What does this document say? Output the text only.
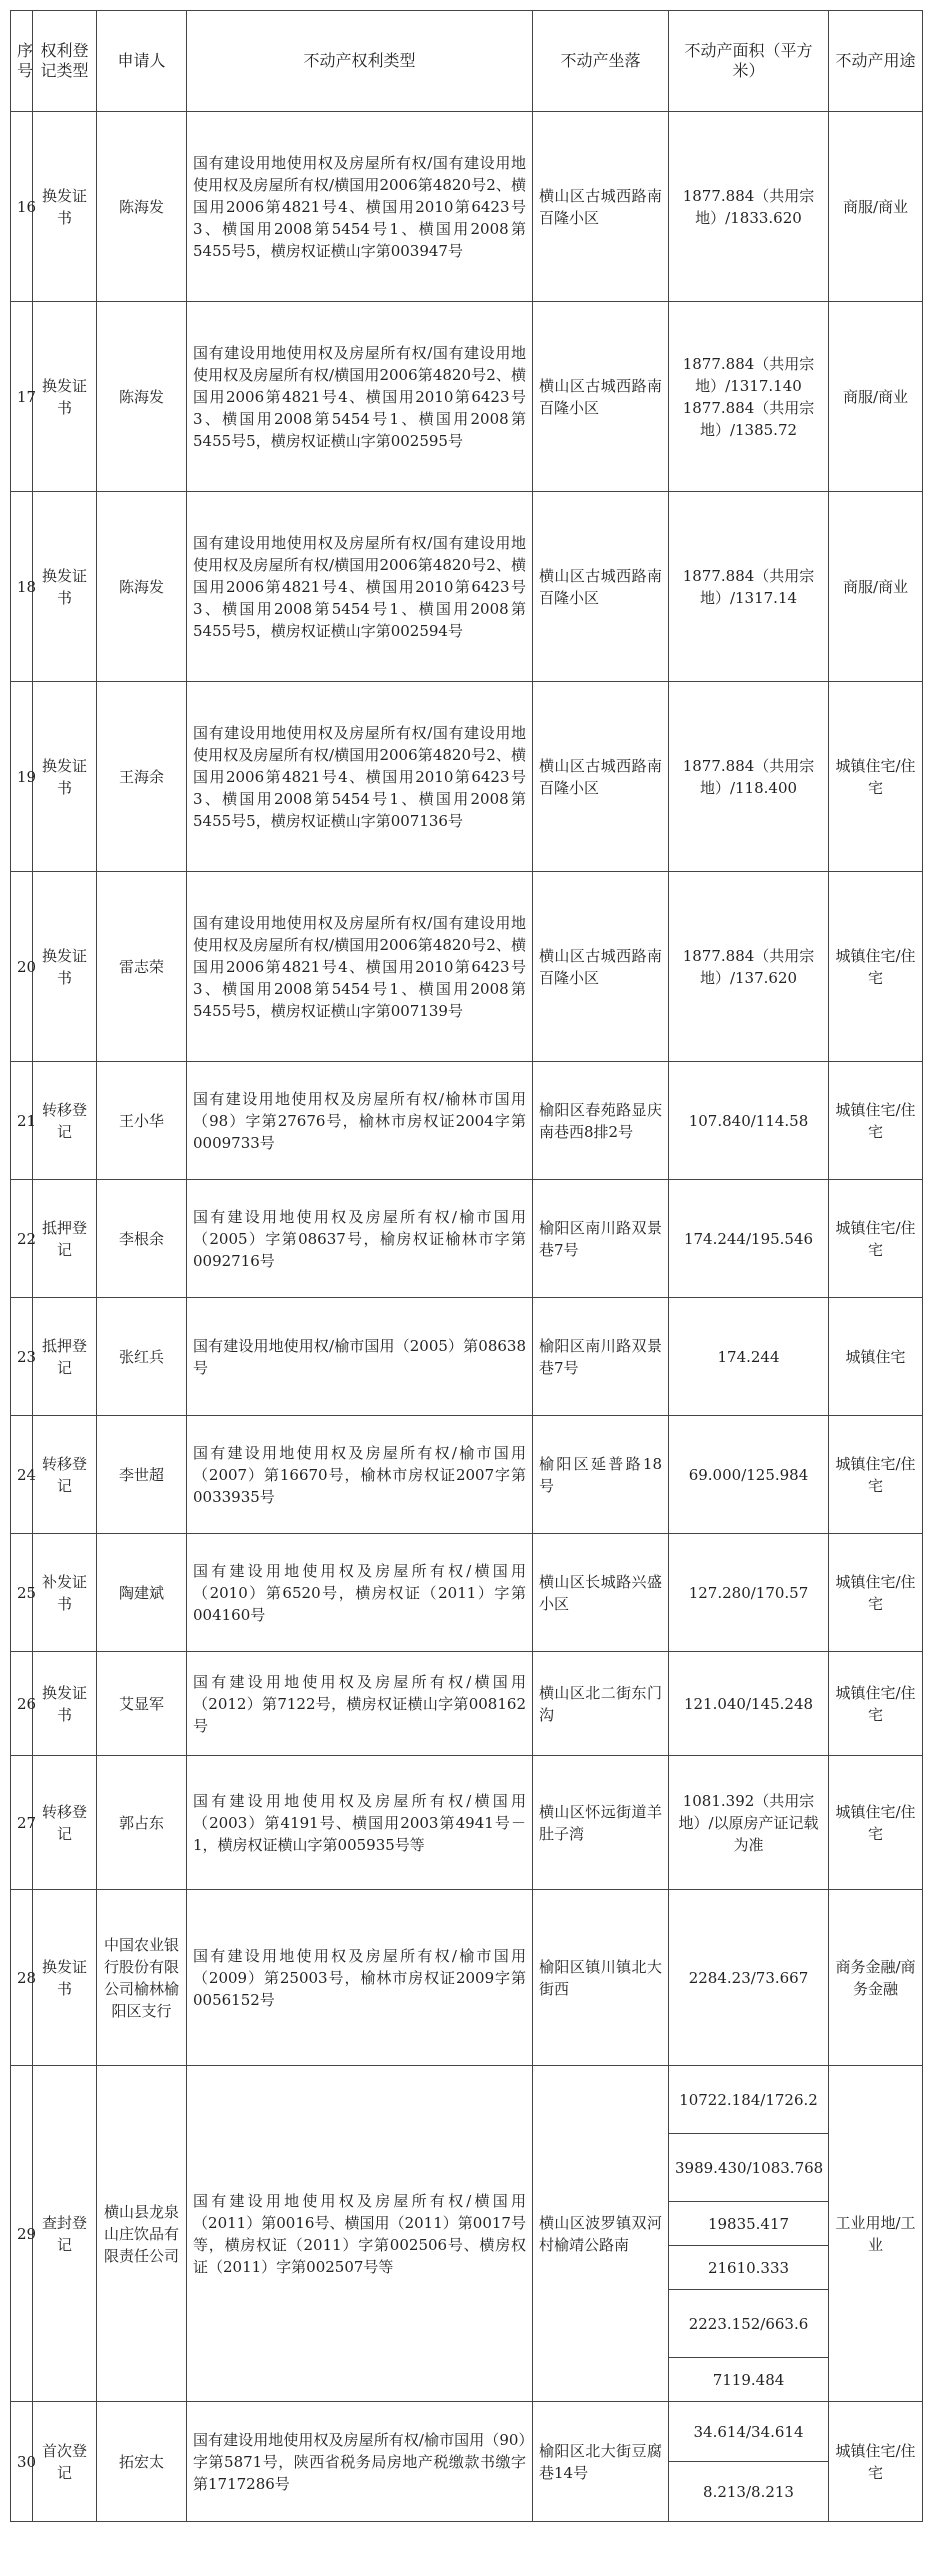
序号	权利登记类型	申请人	不动产权利类型	不动产坐落	不动产面积（平方米）	不动产用途
16	换发证书	陈海发	国有建设用地使用权及房屋所有权/国有建设用地使用权及房屋所有权/横国用2006第4820号2、横国用2006第4821号4、横国用2010第6423号3、横国用2008第5454号1、横国用2008第5455号5，横房权证横山字第003947号	横山区古城西路南百隆小区	1877.884（共用宗地）/1833.620	商服/商业
17	换发证书	陈海发	国有建设用地使用权及房屋所有权/国有建设用地使用权及房屋所有权/横国用2006第4820号2、横国用2006第4821号4、横国用2010第6423号3、横国用2008第5454号1、横国用2008第5455号5，横房权证横山字第002595号	横山区古城西路南百隆小区	1877.884（共用宗地）/1317.140 1877.884（共用宗地）/1385.72	商服/商业
18	换发证书	陈海发	国有建设用地使用权及房屋所有权/国有建设用地使用权及房屋所有权/横国用2006第4820号2、横国用2006第4821号4、横国用2010第6423号3、横国用2008第5454号1、横国用2008第5455号5，横房权证横山字第002594号	横山区古城西路南百隆小区	1877.884（共用宗地）/1317.14	商服/商业
19	换发证书	王海余	国有建设用地使用权及房屋所有权/国有建设用地使用权及房屋所有权/横国用2006第4820号2、横国用2006第4821号4、横国用2010第6423号3、横国用2008第5454号1、横国用2008第5455号5，横房权证横山字第007136号	横山区古城西路南百隆小区	1877.884（共用宗地）/118.400	城镇住宅/住宅
20	换发证书	雷志荣	国有建设用地使用权及房屋所有权/国有建设用地使用权及房屋所有权/横国用2006第4820号2、横国用2006第4821号4、横国用2010第6423号3、横国用2008第5454号1、横国用2008第5455号5，横房权证横山字第007139号	横山区古城西路南百隆小区	1877.884（共用宗地）/137.620	城镇住宅/住宅
21	转移登记	王小华	国有建设用地使用权及房屋所有权/榆林市国用（98）字第27676号，榆林市房权证2004字第0009733号	榆阳区春苑路显庆南巷西8排2号	107.840/114.58	城镇住宅/住宅
22	抵押登记	李根余	国有建设用地使用权及房屋所有权/榆市国用（2005）字第08637号，榆房权证榆林市字第0092716号	榆阳区南川路双景巷7号	174.244/195.546	城镇住宅/住宅
23	抵押登记	张红兵	国有建设用地使用权/榆市国用（2005）第08638号	榆阳区南川路双景巷7号	174.244	城镇住宅
24	转移登记	李世超	国有建设用地使用权及房屋所有权/榆市国用（2007）第16670号，榆林市房权证2007字第0033935号	榆阳区延普路18号	69.000/125.984	城镇住宅/住宅
25	补发证书	陶建斌	国有建设用地使用权及房屋所有权/横国用（2010）第6520号，横房权证（2011）字第004160号	横山区长城路兴盛小区	127.280/170.57	城镇住宅/住宅
26	换发证书	艾显军	国有建设用地使用权及房屋所有权/横国用（2012）第7122号，横房权证横山字第008162号	横山区北二街东门沟	121.040/145.248	城镇住宅/住宅
27	转移登记	郭占东	国有建设用地使用权及房屋所有权/横国用（2003）第4191号、横国用2003第4941号－1，横房权证横山字第005935号等	横山区怀远街道羊肚子湾	1081.392（共用宗地）/以原房产证记载为准	城镇住宅/住宅
28	换发证书	中国农业银行股份有限公司榆林榆阳区支行	国有建设用地使用权及房屋所有权/榆市国用（2009）第25003号，榆林市房权证2009字第0056152号	榆阳区镇川镇北大街西	2284.23/73.667	商务金融/商务金融
29	查封登记	横山县龙泉山庄饮品有限责任公司	国有建设用地使用权及房屋所有权/横国用（2011）第0016号、横国用（2011）第0017号等，横房权证（2011）字第002506号、横房权证（2011）字第002507号等	横山区波罗镇双河村榆靖公路南	10722.184/1726.2	工业用地/工业
					3989.430/1083.768	
					19835.417	
					21610.333	
					2223.152/663.6	
					7119.484	
30	首次登记	拓宏太	国有建设用地使用权及房屋所有权/榆市国用（90）字第5871号，陕西省税务局房地产税缴款书缴字第1717286号	榆阳区北大街豆腐巷14号	34.614/34.614	城镇住宅/住宅
					8.213/8.213	
